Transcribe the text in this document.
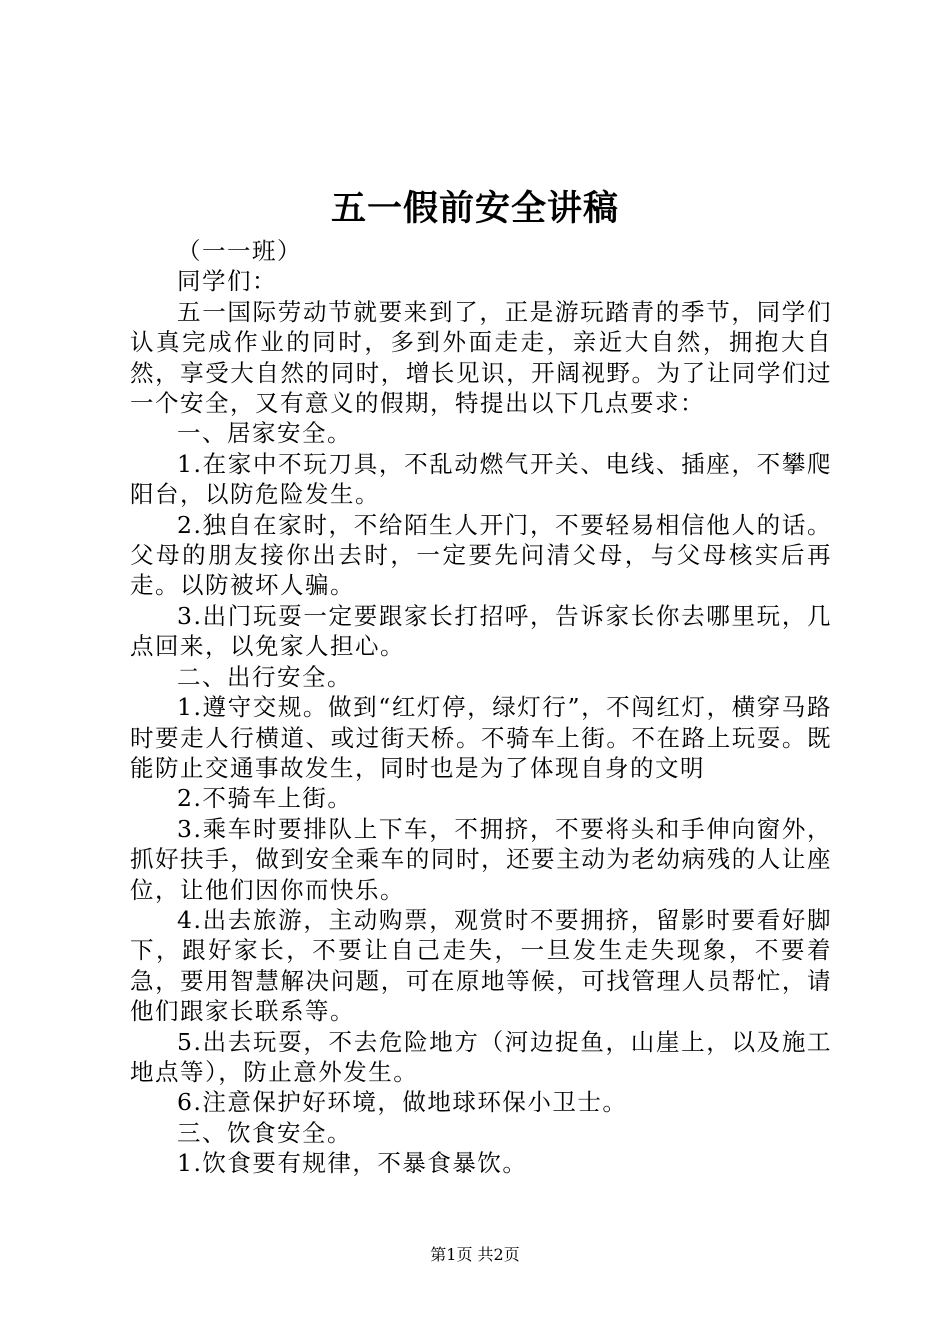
五一假前安全讲稿

（一一班）

同学们：

五一国际劳动节就要来到了，正是游玩踏青的季节，同学们认真完成作业的同时，多到外面走走，亲近大自然，拥抱大自然，享受大自然的同时，增长见识，开阔视野。为了让同学们过一个安全，又有意义的假期，特提出以下几点要求：

一、居家安全。

1.在家中不玩刀具，不乱动燃气开关、电线、插座，不攀爬阳台，以防危险发生。

2.独自在家时，不给陌生人开门，不要轻易相信他人的话。父母的朋友接你出去时，一定要先问清父母，与父母核实后再走。以防被坏人骗。

3.出门玩耍一定要跟家长打招呼，告诉家长你去哪里玩，几点回来，以免家人担心。

二、出行安全。

1.遵守交规。做到“红灯停，绿灯行”，不闯红灯，横穿马路时要走人行横道、或过街天桥。不骑车上街。不在路上玩耍。既能防止交通事故发生，同时也是为了体现自身的文明

2.不骑车上街。

3.乘车时要排队上下车，不拥挤，不要将头和手伸向窗外，抓好扶手，做到安全乘车的同时，还要主动为老幼病残的人让座位，让他们因你而快乐。

4.出去旅游，主动购票，观赏时不要拥挤，留影时要看好脚下，跟好家长，不要让自己走失，一旦发生走失现象，不要着急，要用智慧解决问题，可在原地等候，可找管理人员帮忙，请他们跟家长联系等。

5.出去玩耍，不去危险地方（河边捉鱼，山崖上，以及施工地点等），防止意外发生。

6.注意保护好环境，做地球环保小卫士。

三、饮食安全。

1.饮食要有规律，不暴食暴饮。

第1页 共2页
